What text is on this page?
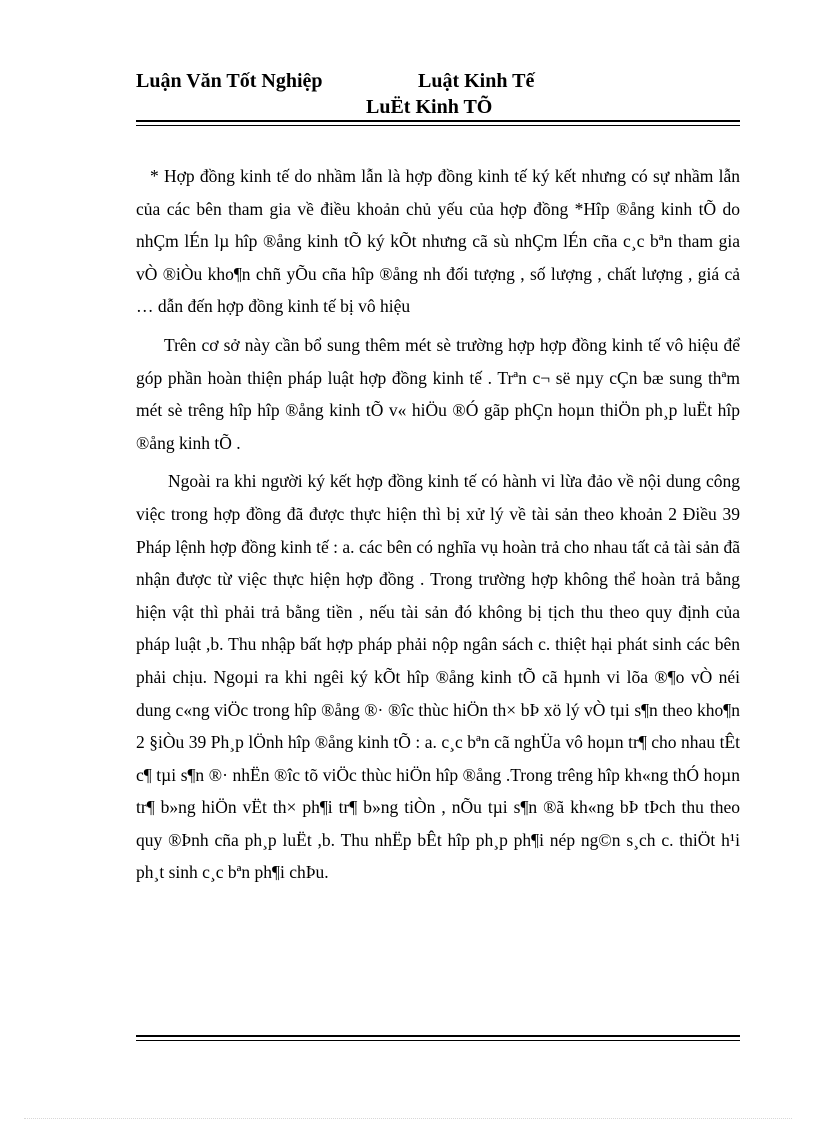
Luận Văn Tốt Nghiệp	Luật Kinh Tế
LuËt Kinh TÕ

* Hợp đồng kinh tế do nhầm lẫn là hợp đồng kinh tế ký kết nhưng có sự nhầm lẫn của các bên tham gia về điều khoản chủ yếu của hợp đồng *Hîp ®ång kinh tÕ do nhÇm lÉn lµ hîp ®ång kinh tÕ ký kÕt nhưng cã sù nhÇm lÉn cña c¸c bªn tham gia vÒ ®iÒu kho¶n chñ yÕu cña hîp ®ång nh đối tượng , số lượng , chất lượng , giá cả … dẫn đến hợp đồng kinh tế bị vô hiệu

Trên cơ sở này cần bổ sung thêm mét sè trường hợp hợp đồng kinh tế vô hiệu để góp phần hoàn thiện pháp luật hợp đồng kinh tế . Trªn c¬ së nµy cÇn bæ sung thªm mét sè trêng hîp hîp ®ång kinh tÕ v« hiÖu ®Ó gãp phÇn hoµn thiÖn ph¸p luËt hîp ®ång kinh tÕ .

Ngoài ra khi người ký kết hợp đồng kinh tế có hành vi lừa đảo về nội dung công việc trong hợp đồng đã được thực hiện thì bị xử lý về tài sản theo khoản 2 Điều 39 Pháp lệnh hợp đồng kinh tế : a. các bên có nghĩa vụ hoàn trả cho nhau tất cả tài sản đã nhận được từ việc thực hiện hợp đồng . Trong trường hợp không thể hoàn trả bằng hiện vật thì phải trả bằng tiền , nếu tài sản đó không bị tịch thu theo quy định của pháp luật ,b. Thu nhập bất hợp pháp phải nộp ngân sách c. thiệt hại phát sinh các bên phải chịu. Ngoµi ra khi ngêi ký kÕt hîp ®ång kinh tÕ cã hµnh vi lõa ®¶o vÒ néi dung c«ng viÖc trong hîp ®ång ®· ®îc thùc hiÖn th× bÞ xö lý vÒ tµi s¶n theo kho¶n 2 §iÒu 39 Ph¸p lÖnh hîp ®ång kinh tÕ : a. c¸c bªn cã nghÜa vô hoµn tr¶ cho nhau tÊt c¶ tµi s¶n ®· nhËn ®îc tõ viÖc thùc hiÖn hîp ®ång .Trong trêng hîp kh«ng thÓ hoµn tr¶ b»ng hiÖn vËt th× ph¶i tr¶ b»ng tiÒn , nÕu tµi s¶n ®ã kh«ng bÞ tÞch thu theo quy ®Þnh cña ph¸p luËt ,b. Thu nhËp bÊt hîp ph¸p ph¶i nép ng©n s¸ch c. thiÖt h¹i ph¸t sinh c¸c bªn ph¶i chÞu.
